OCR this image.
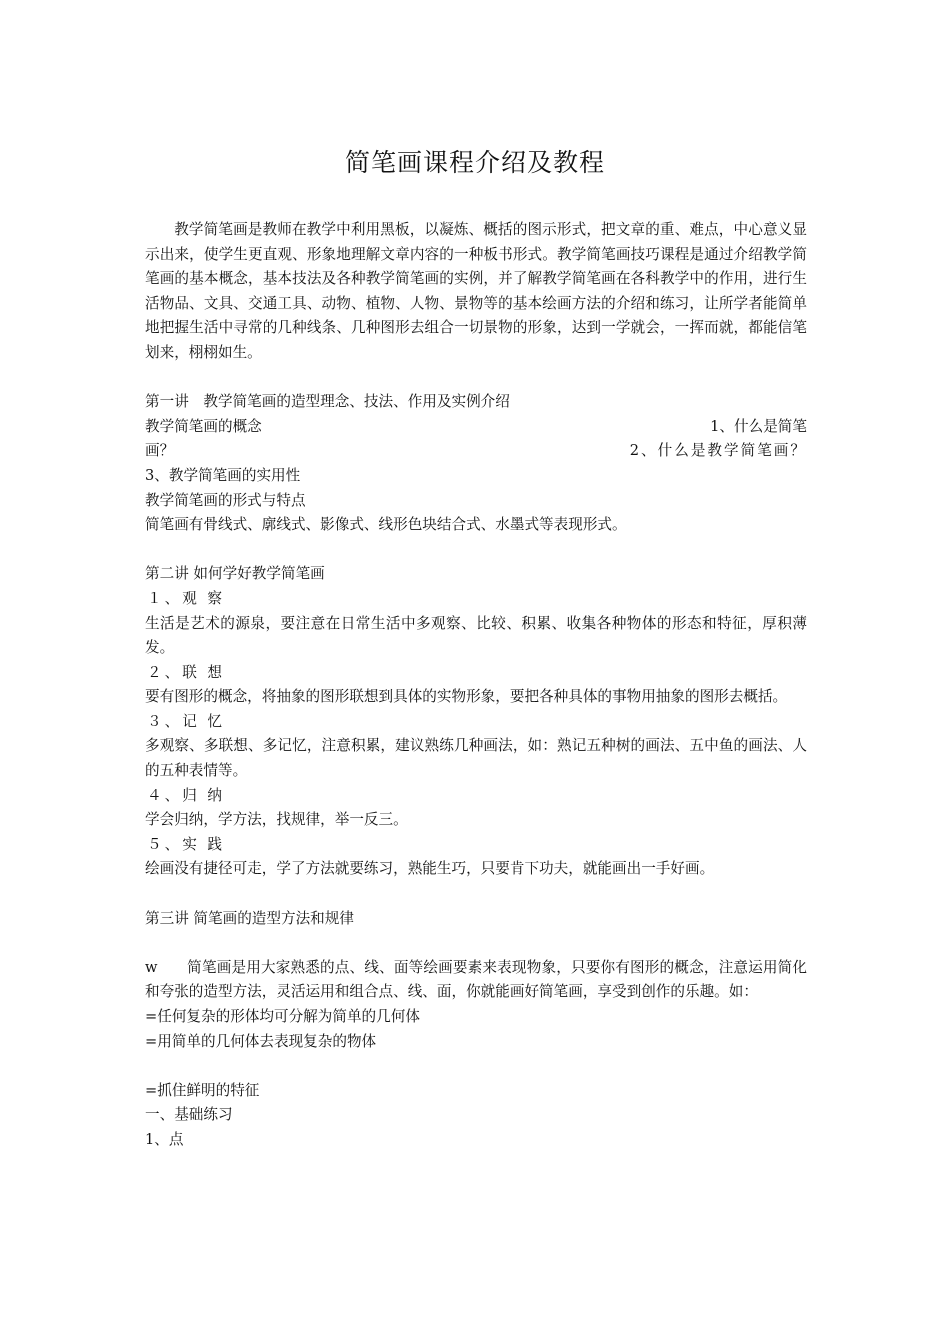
简笔画课程介绍及教程

教学简笔画是教师在教学中利用黑板，以凝炼、概括的图示形式，把文章的重、难点，中心意义显示出来，使学生更直观、形象地理解文章内容的一种板书形式。教学简笔画技巧课程是通过介绍教学简笔画的基本概念，基本技法及各种教学简笔画的实例，并了解教学简笔画在各科教学中的作用，进行生活物品、文具、交通工具、动物、植物、人物、景物等的基本绘画方法的介绍和练习，让所学者能简单地把握生活中寻常的几种线条、几种图形去组合一切景物的形象，达到一学就会，一挥而就，都能信笔划来，栩栩如生。

第一讲　教学简笔画的造型理念、技法、作用及实例介绍

教学简笔画的概念	1、什么是简笔
画？	2、什么是教学简笔画？

3、教学简笔画的实用性

教学简笔画的形式与特点

简笔画有骨线式、廓线式、影像式、线形色块结合式、水墨式等表现形式。

第二讲 如何学好教学简笔画

１、观 察

生活是艺术的源泉，要注意在日常生活中多观察、比较、积累、收集各种物体的形态和特征，厚积薄发。

２、联 想

要有图形的概念，将抽象的图形联想到具体的实物形象，要把各种具体的事物用抽象的图形去概括。

３、记 忆

多观察、多联想、多记忆，注意积累，建议熟练几种画法，如：熟记五种树的画法、五中鱼的画法、人的五种表情等。

４、归 纳

学会归纳，学方法，找规律，举一反三。

５、实 践

绘画没有捷径可走，学了方法就要练习，熟能生巧，只要肯下功夫，就能画出一手好画。

第三讲 简笔画的造型方法和规律

w　　简笔画是用大家熟悉的点、线、面等绘画要素来表现物象，只要你有图形的概念，注意运用简化和夸张的造型方法，灵活运用和组合点、线、面，你就能画好简笔画，享受到创作的乐趣。如：

=任何复杂的形体均可分解为简单的几何体

=用简单的几何体去表现复杂的物体

=抓住鲜明的特征

一、基础练习

1、点
